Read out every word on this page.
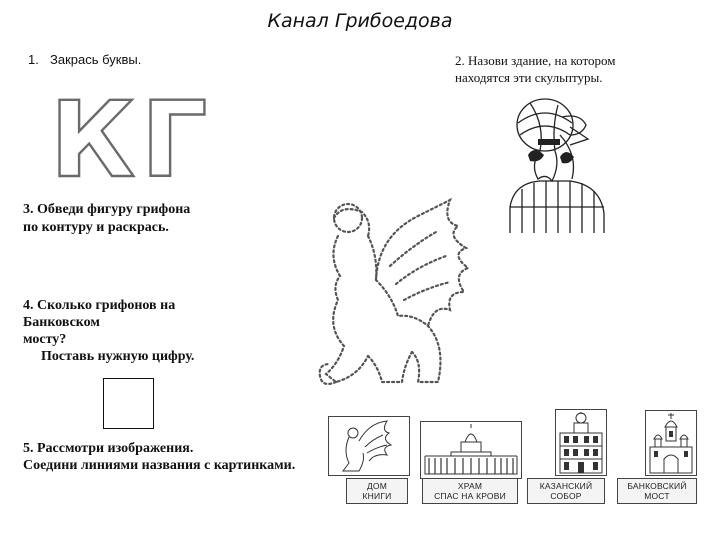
Канал Грибоедова
1. Закрась буквы.
КГ
2. Назови здание, на котором
находятся эти скульптуры.
3. Обведи фигуру грифона
по контуру и раскрась.
4. Сколько грифонов на
Банковском
мосту?
Поставь нужную цифру.
5. Рассмотри изображения.
Соедини линиями названия с картинками.
ДОМ
КНИГИ
ХРАМ
СПАС НА КРОВИ
КАЗАНСКИЙ
СОБОР
БАНКОВСКИЙ
МОСТ
